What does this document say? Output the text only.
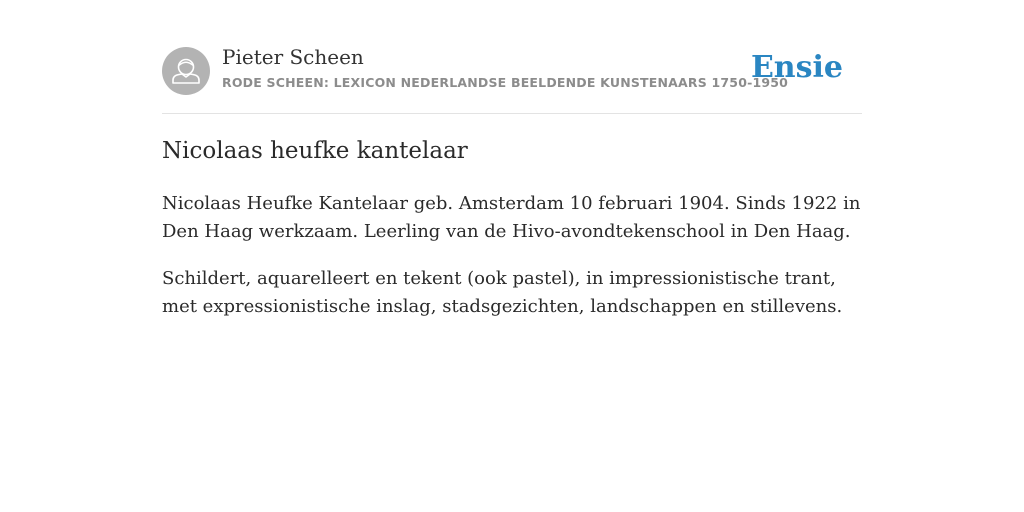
Pieter Scheen
RODE SCHEEN: LEXICON NEDERLANDSE BEELDENDE KUNSTENAARS 1750-1950
Ensie
Nicolaas heufke kantelaar

Nicolaas Heufke Kantelaar geb. Amsterdam 10 februari 1904. Sinds 1922 in Den Haag werkzaam. Leerling van de Hivo-avondtekenschool in Den Haag.

Schildert, aquarelleert en tekent (ook pastel), in impressionistische trant, met expressionistische inslag, stadsgezichten, landschappen en stillevens.
